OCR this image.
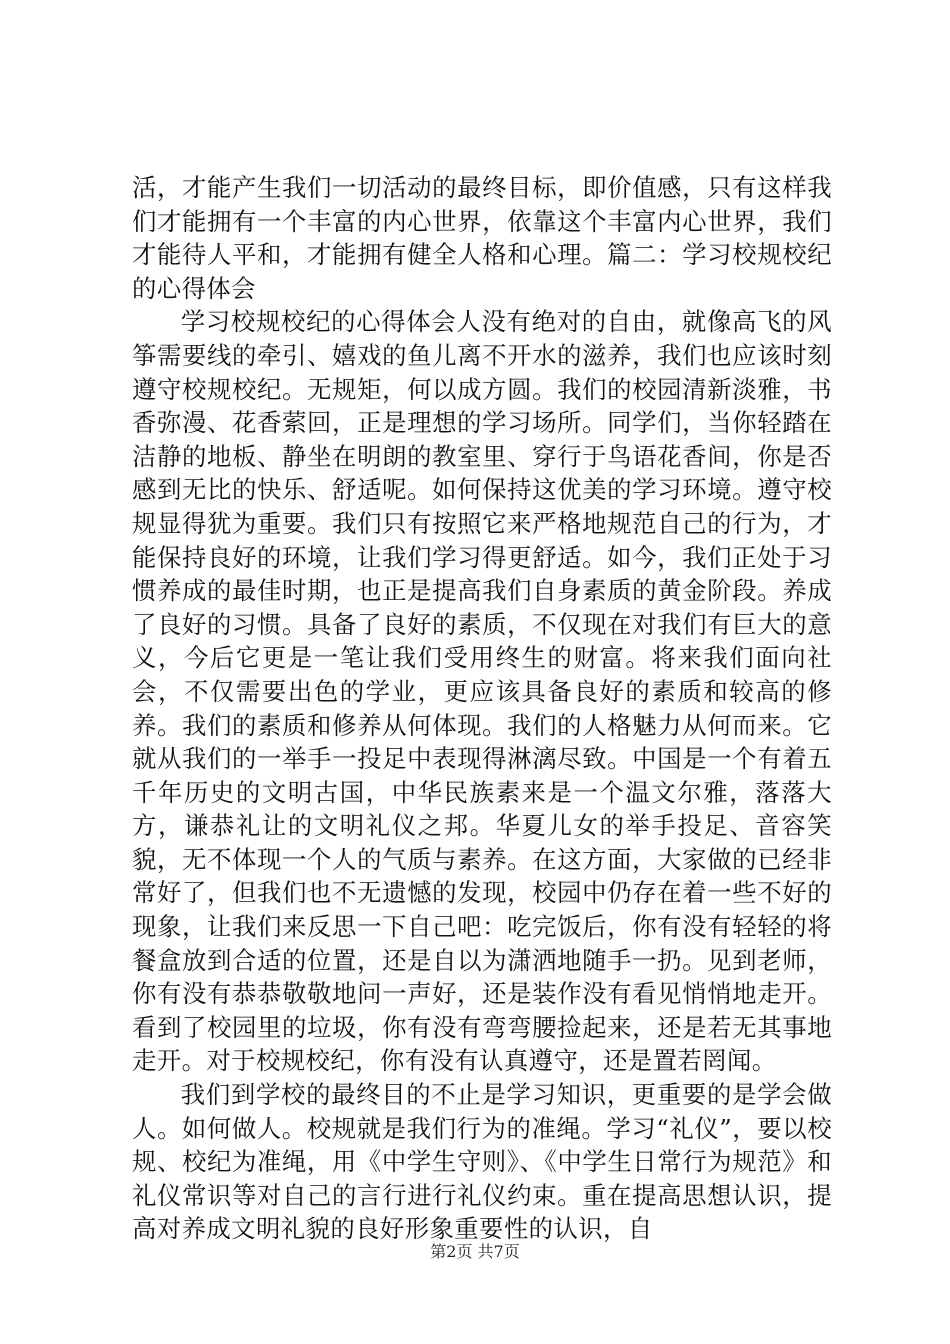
活，才能产生我们一切活动的最终目标，即价值感，只有这样我们才能拥有一个丰富的内心世界，依靠这个丰富内心世界，我们才能待人平和，才能拥有健全人格和心理。篇二：学习校规校纪的心得体会

学习校规校纪的心得体会人没有绝对的自由，就像高飞的风筝需要线的牵引、嬉戏的鱼儿离不开水的滋养，我们也应该时刻遵守校规校纪。无规矩，何以成方圆。我们的校园清新淡雅，书香弥漫、花香萦回，正是理想的学习场所。同学们，当你轻踏在洁静的地板、静坐在明朗的教室里、穿行于鸟语花香间，你是否感到无比的快乐、舒适呢。如何保持这优美的学习环境。遵守校规显得犹为重要。我们只有按照它来严格地规范自己的行为，才能保持良好的环境，让我们学习得更舒适。如今，我们正处于习惯养成的最佳时期，也正是提高我们自身素质的黄金阶段。养成了良好的习惯。具备了良好的素质，不仅现在对我们有巨大的意义，今后它更是一笔让我们受用终生的财富。将来我们面向社会，不仅需要出色的学业，更应该具备良好的素质和较高的修养。我们的素质和修养从何体现。我们的人格魅力从何而来。它就从我们的一举手一投足中表现得淋漓尽致。中国是一个有着五千年历史的文明古国，中华民族素来是一个温文尔雅，落落大方，谦恭礼让的文明礼仪之邦。华夏儿女的举手投足、音容笑貌，无不体现一个人的气质与素养。在这方面，大家做的已经非常好了，但我们也不无遗憾的发现，校园中仍存在着一些不好的现象，让我们来反思一下自己吧：吃完饭后，你有没有轻轻的将餐盒放到合适的位置，还是自以为潇洒地随手一扔。见到老师，你有没有恭恭敬敬地问一声好，还是装作没有看见悄悄地走开。看到了校园里的垃圾，你有没有弯弯腰捡起来，还是若无其事地走开。对于校规校纪，你有没有认真遵守，还是置若罔闻。

我们到学校的最终目的不止是学习知识，更重要的是学会做人。如何做人。校规就是我们行为的准绳。学习“礼仪”，要以校规、校纪为准绳，用《中学生守则》、《中学生日常行为规范》和礼仪常识等对自己的言行进行礼仪约束。重在提高思想认识，提高对养成文明礼貌的良好形象重要性的认识，自

第2页 共7页
